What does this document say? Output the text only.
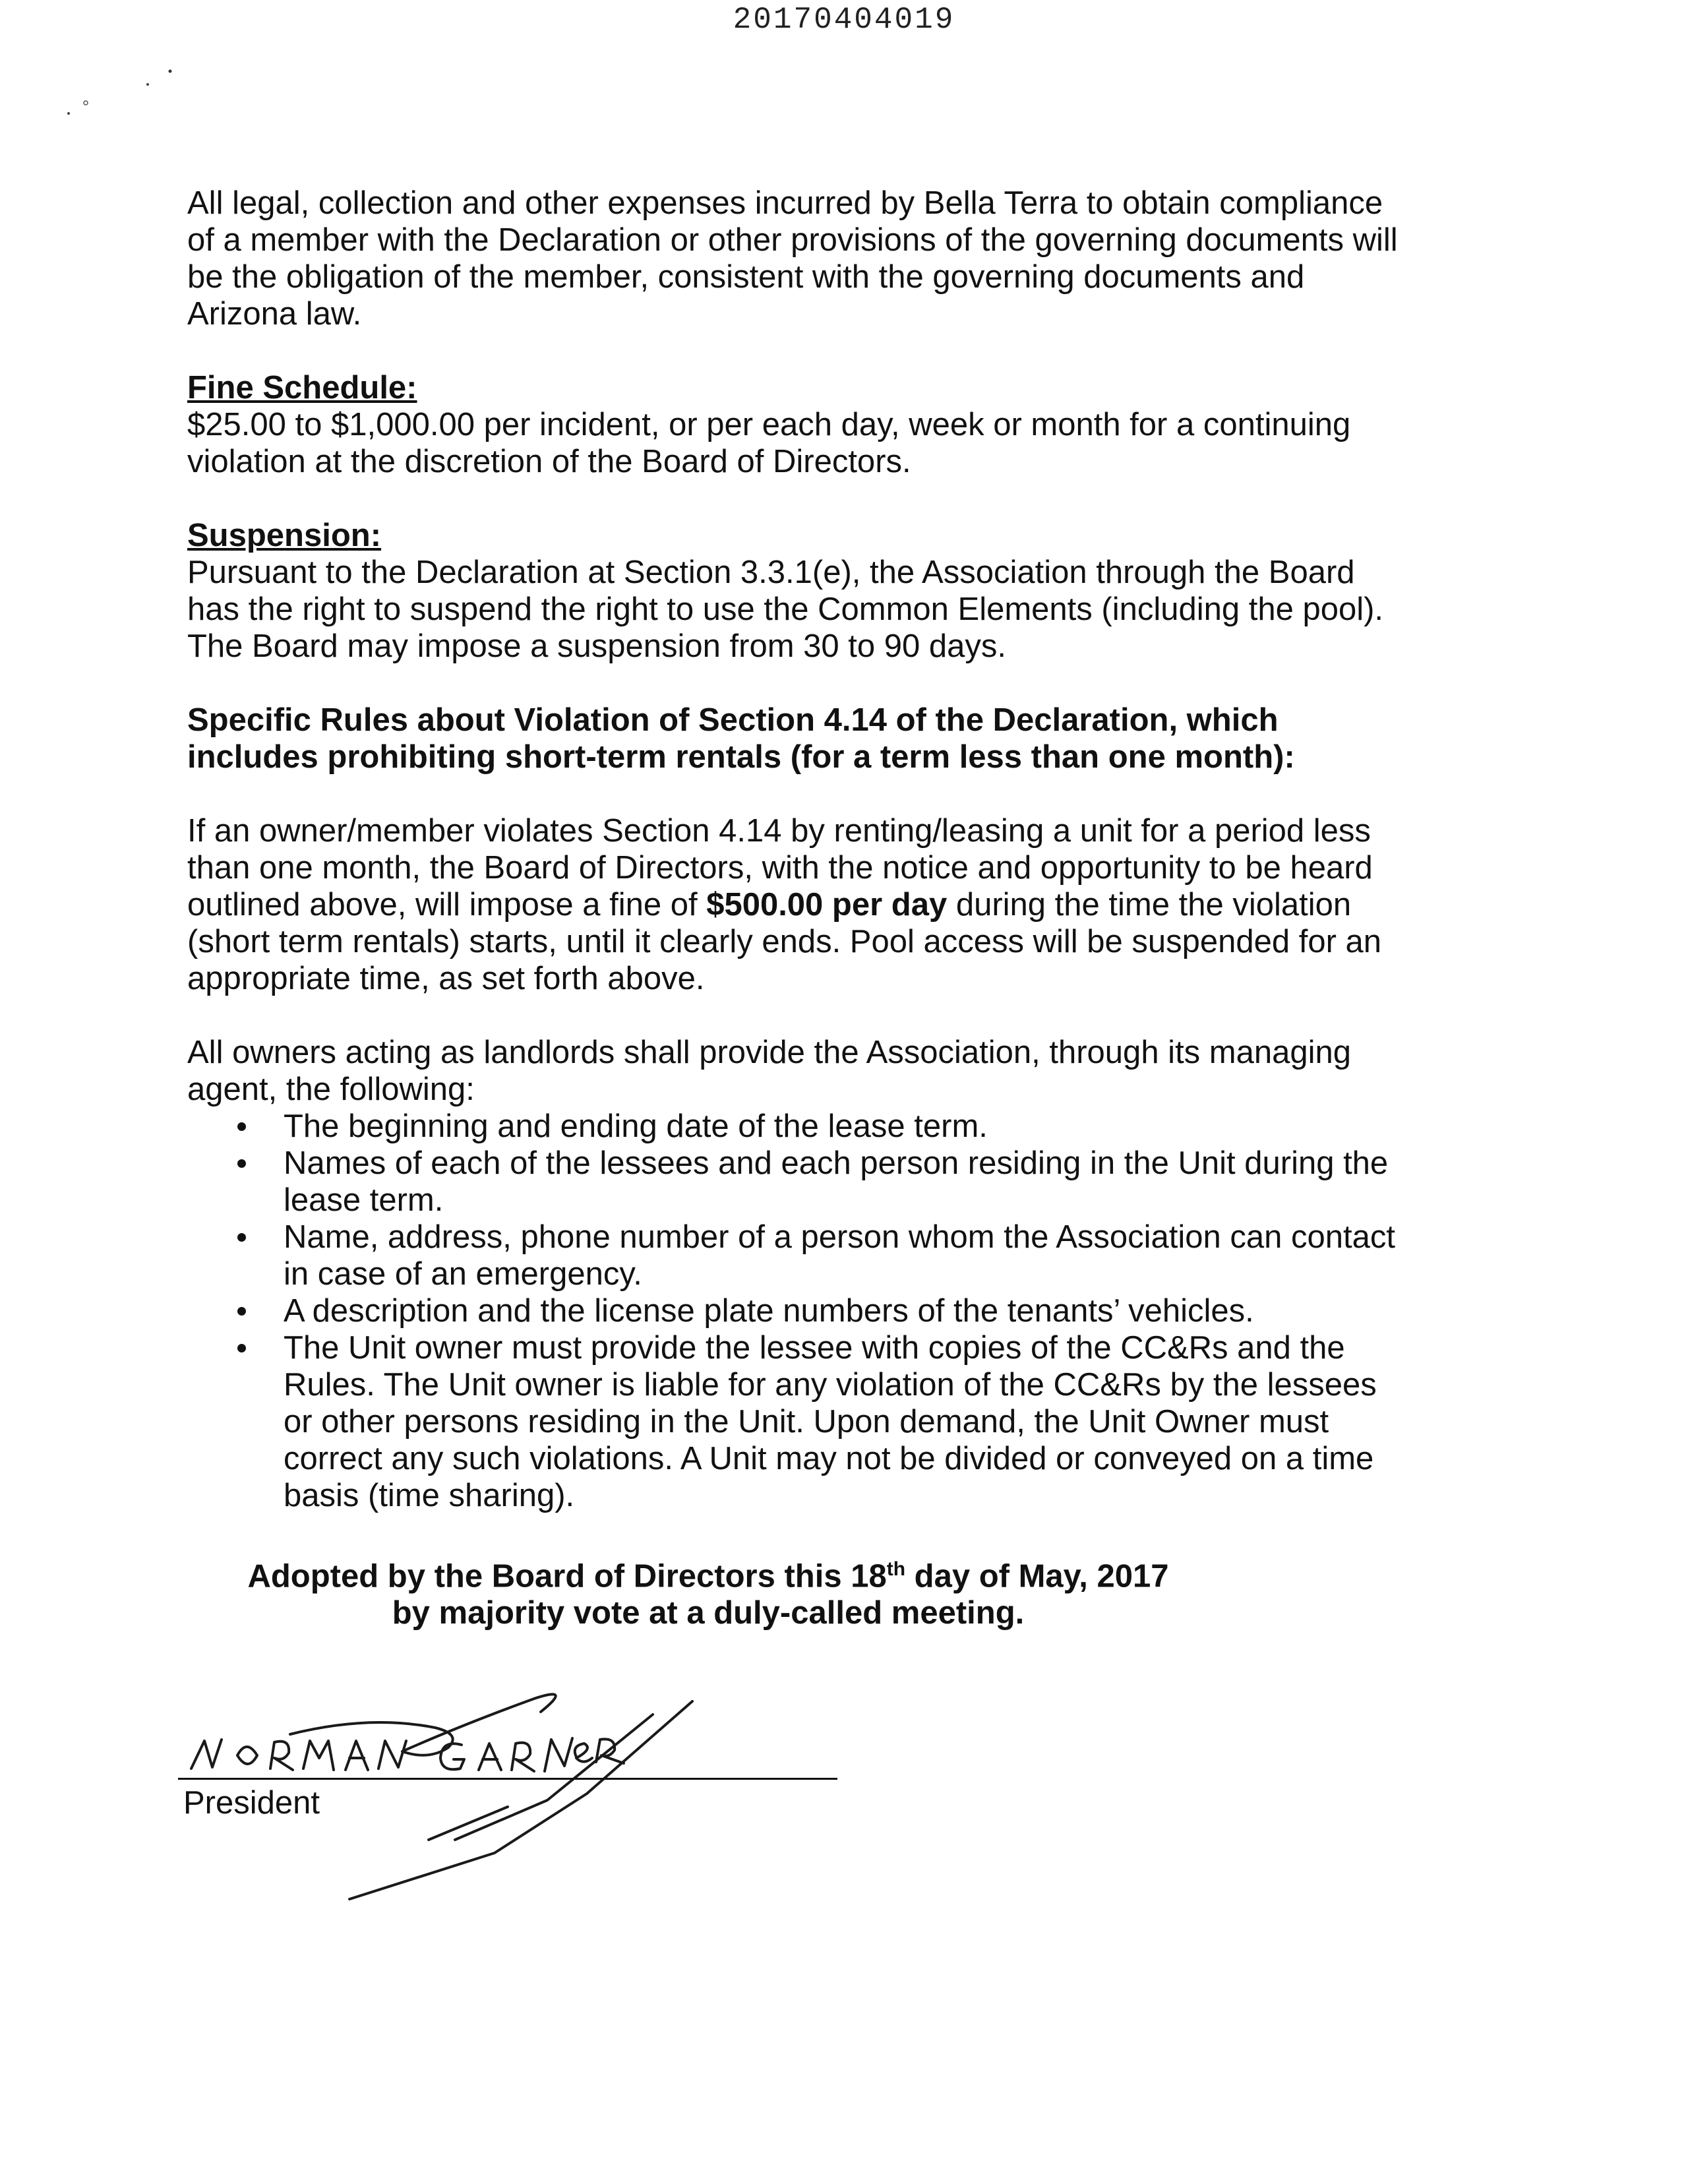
20170404019

All legal, collection and other expenses incurred by Bella Terra to obtain compliance of a member with the Declaration or other provisions of the governing documents will be the obligation of the member, consistent with the governing documents and Arizona law.

Fine Schedule:

$25.00 to $1,000.00 per incident, or per each day, week or month for a continuing violation at the discretion of the Board of Directors.

Suspension:

Pursuant to the Declaration at Section 3.3.1(e), the Association through the Board has the right to suspend the right to use the Common Elements (including the pool). The Board may impose a suspension from 30 to 90 days.

Specific Rules about Violation of Section 4.14 of the Declaration, which includes prohibiting short-term rentals (for a term less than one month):

If an owner/member violates Section 4.14 by renting/leasing a unit for a period less than one month, the Board of Directors, with the notice and opportunity to be heard outlined above, will impose a fine of $500.00 per day during the time the violation (short term rentals) starts, until it clearly ends. Pool access will be suspended for an appropriate time, as set forth above.

All owners acting as landlords shall provide the Association, through its managing agent, the following:

The beginning and ending date of the lease term.
Names of each of the lessees and each person residing in the Unit during the lease term.
Name, address, phone number of a person whom the Association can contact in case of an emergency.
A description and the license plate numbers of the tenants’ vehicles.
The Unit owner must provide the lessee with copies of the CC&Rs and the Rules. The Unit owner is liable for any violation of the CC&Rs by the lessees or other persons residing in the Unit. Upon demand, the Unit Owner must correct any such violations. A Unit may not be divided or conveyed on a time basis (time sharing).

Adopted by the Board of Directors this 18th day of May, 2017

by majority vote at a duly-called meeting.

President
